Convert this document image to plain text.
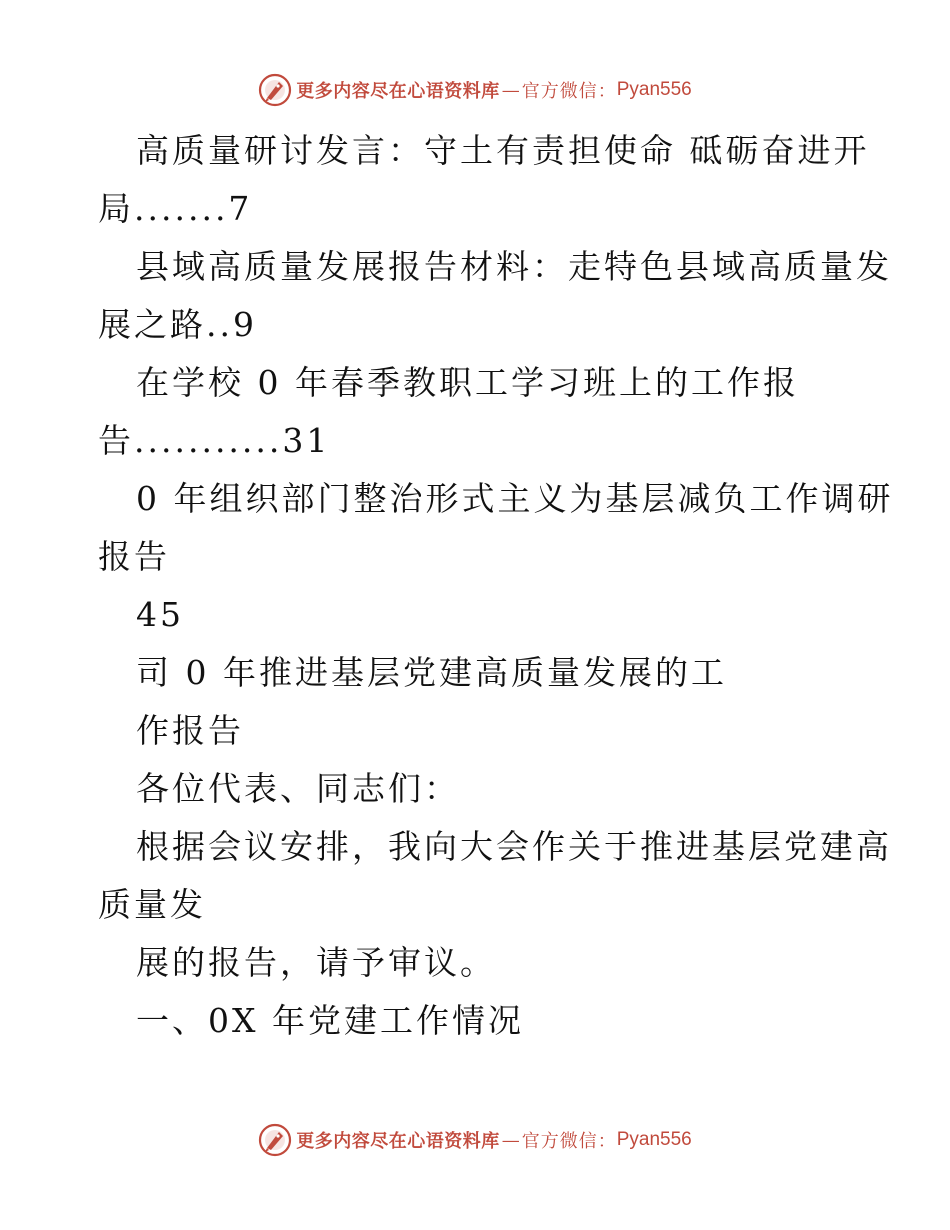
更多内容尽在心语资料库 — 官方微信： Pyan556
高质量研讨发言：守土有责担使命 砥砺奋进开
局.......7
县域高质量发展报告材料：走特色县域高质量发
展之路..9
在学校 0 年春季教职工学习班上的工作报
告...........31
0 年组织部门整治形式主义为基层减负工作调研
报告
45
司 0 年推进基层党建高质量发展的工
作报告
各位代表、同志们：
根据会议安排，我向大会作关于推进基层党建高
质量发
展的报告，请予审议。
一、0X 年党建工作情况
更多内容尽在心语资料库 — 官方微信： Pyan556
